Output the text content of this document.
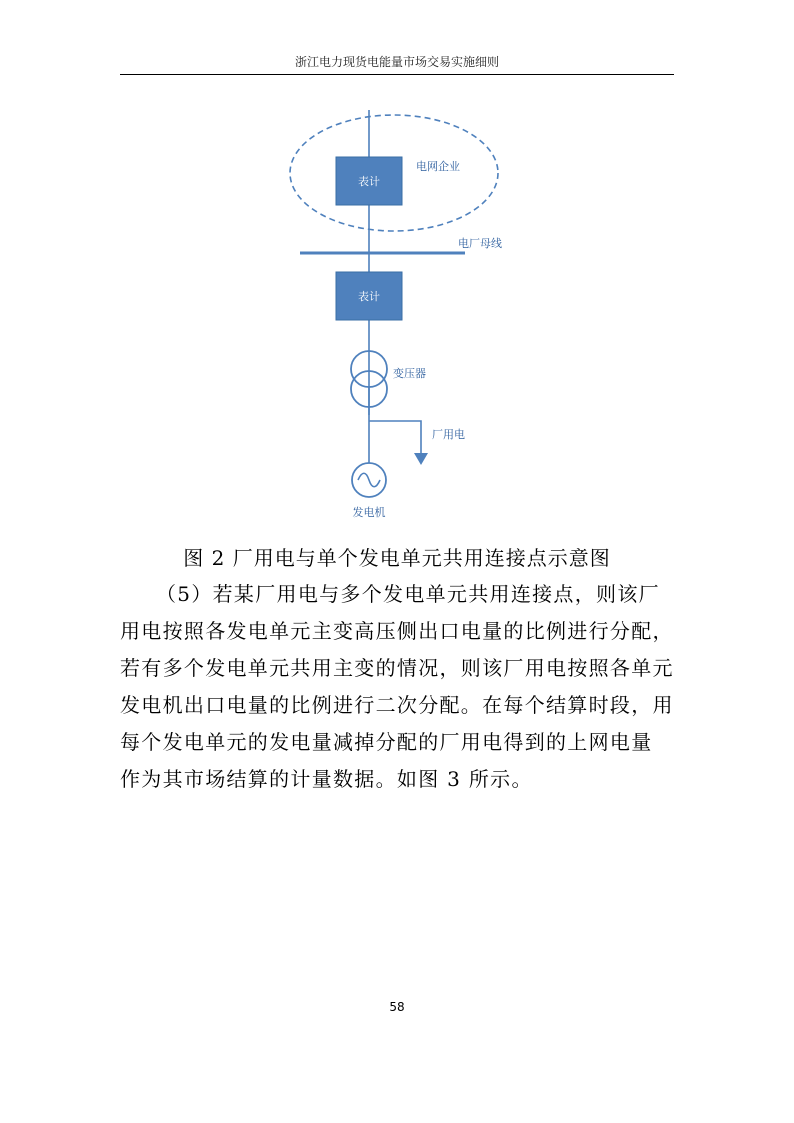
浙江电力现货电能量市场交易实施细则
表计
电网企业
电厂母线
表计
变压器
厂用电
发电机
图 2 厂用电与单个发电单元共用连接点示意图
（5）若某厂用电与多个发电单元共用连接点，则该厂
用电按照各发电单元主变高压侧出口电量的比例进行分配，
若有多个发电单元共用主变的情况，则该厂用电按照各单元
发电机出口电量的比例进行二次分配。在每个结算时段，用
每个发电单元的发电量减掉分配的厂用电得到的上网电量
作为其市场结算的计量数据。如图 3 所示。
58
